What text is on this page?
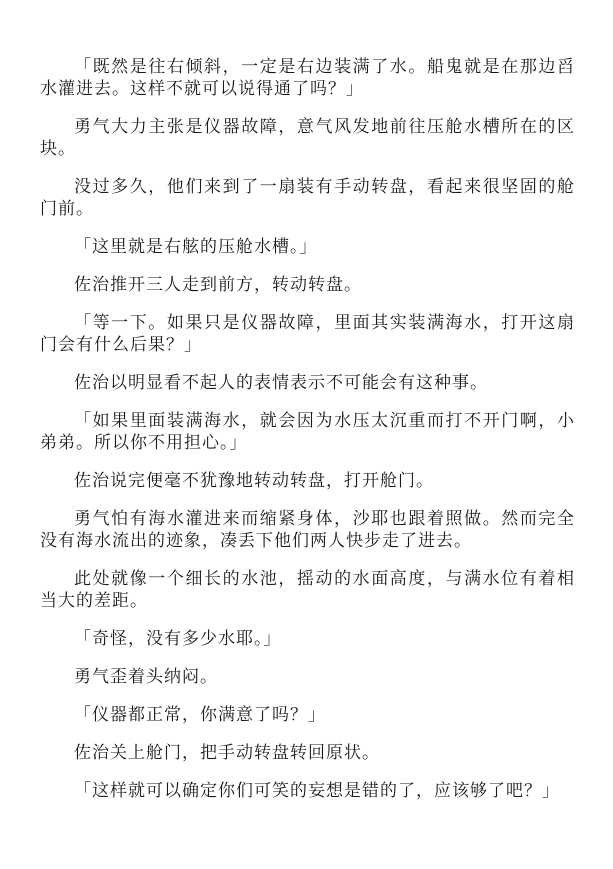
「既然是往右倾斜，一定是右边装满了水。船鬼就是在那边舀水灌进去。这样不就可以说得通了吗？」

勇气大力主张是仪器故障，意气风发地前往压舱水槽所在的区块。

没过多久，他们来到了一扇装有手动转盘，看起来很坚固的舱门前。

「这里就是右舷的压舱水槽。」

佐治推开三人走到前方，转动转盘。

「等一下。如果只是仪器故障，里面其实装满海水，打开这扇门会有什么后果？」

佐治以明显看不起人的表情表示不可能会有这种事。

「如果里面装满海水，就会因为水压太沉重而打不开门啊，小弟弟。所以你不用担心。」

佐治说完便毫不犹豫地转动转盘，打开舱门。

勇气怕有海水灌进来而缩紧身体，沙耶也跟着照做。然而完全没有海水流出的迹象，凑丢下他们两人快步走了进去。

此处就像一个细长的水池，摇动的水面高度，与满水位有着相当大的差距。

「奇怪，没有多少水耶。」

勇气歪着头纳闷。

「仪器都正常，你满意了吗？」

佐治关上舱门，把手动转盘转回原状。

「这样就可以确定你们可笑的妄想是错的了，应该够了吧？」
